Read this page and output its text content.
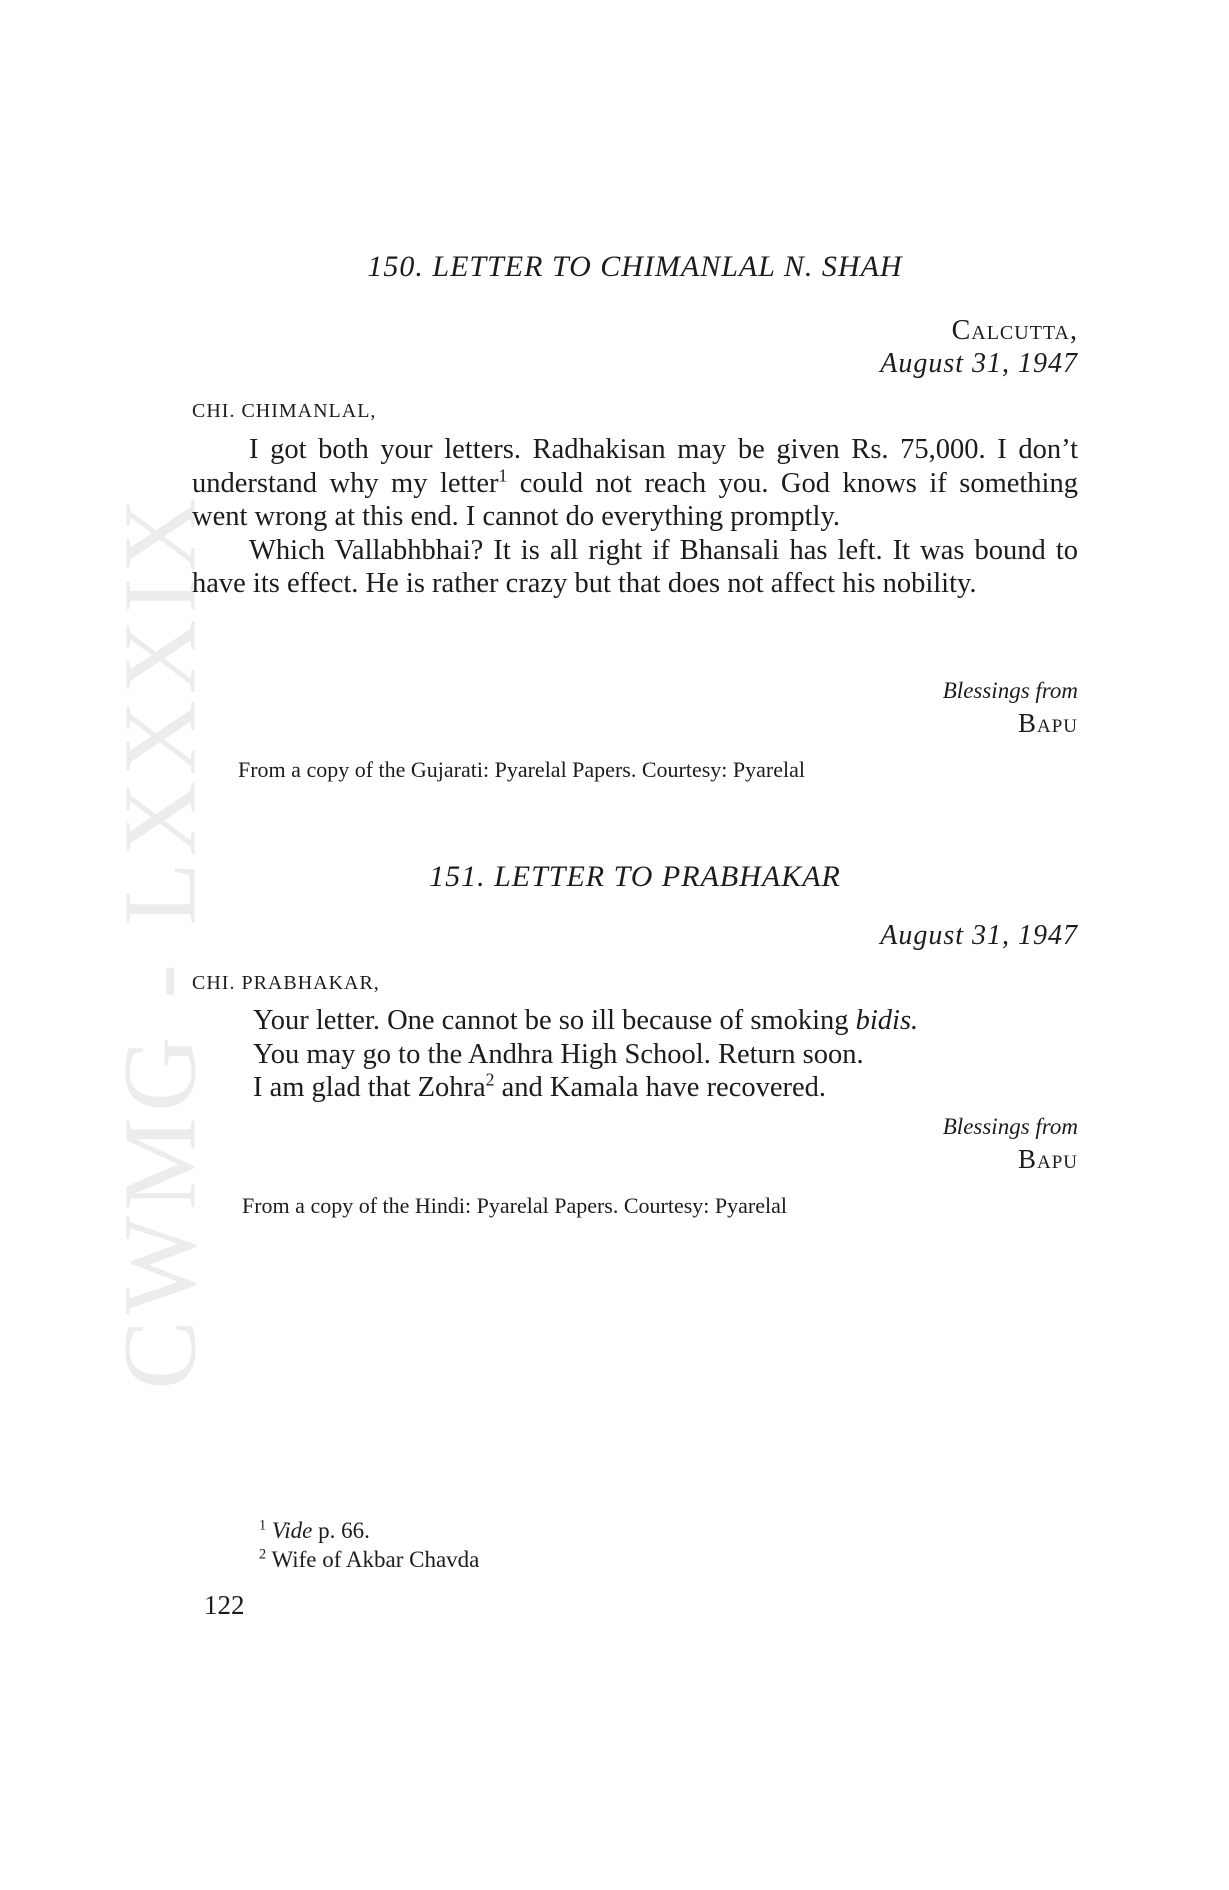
CWMG - LXXXIX
150. LETTER TO CHIMANLAL N. SHAH
Calcutta,
August 31, 1947
CHI. CHIMANLAL,

I got both your letters. Radhakisan may be given Rs. 75,000. I don’t understand why my letter$^1$ could not reach you. God knows if something went wrong at this end. I cannot do everything promptly.

Which Vallabhbhai? It is all right if Bhansali has left. It was bound to have its effect. He is rather crazy but that does not affect his nobility.

Blessings from
Bapu
From a copy of the Gujarati: Pyarelal Papers. Courtesy: Pyarelal
151. LETTER TO PRABHAKAR
August 31, 1947
CHI. PRABHAKAR,
Your letter. One cannot be so ill because of smoking bidis.
You may go to the Andhra High School. Return soon.
I am glad that Zohra$^2$ and Kamala have recovered.
Blessings from
Bapu
From a copy of the Hindi: Pyarelal Papers. Courtesy: Pyarelal
$^1$ Vide p. 66.
$^2$ Wife of Akbar Chavda
122
